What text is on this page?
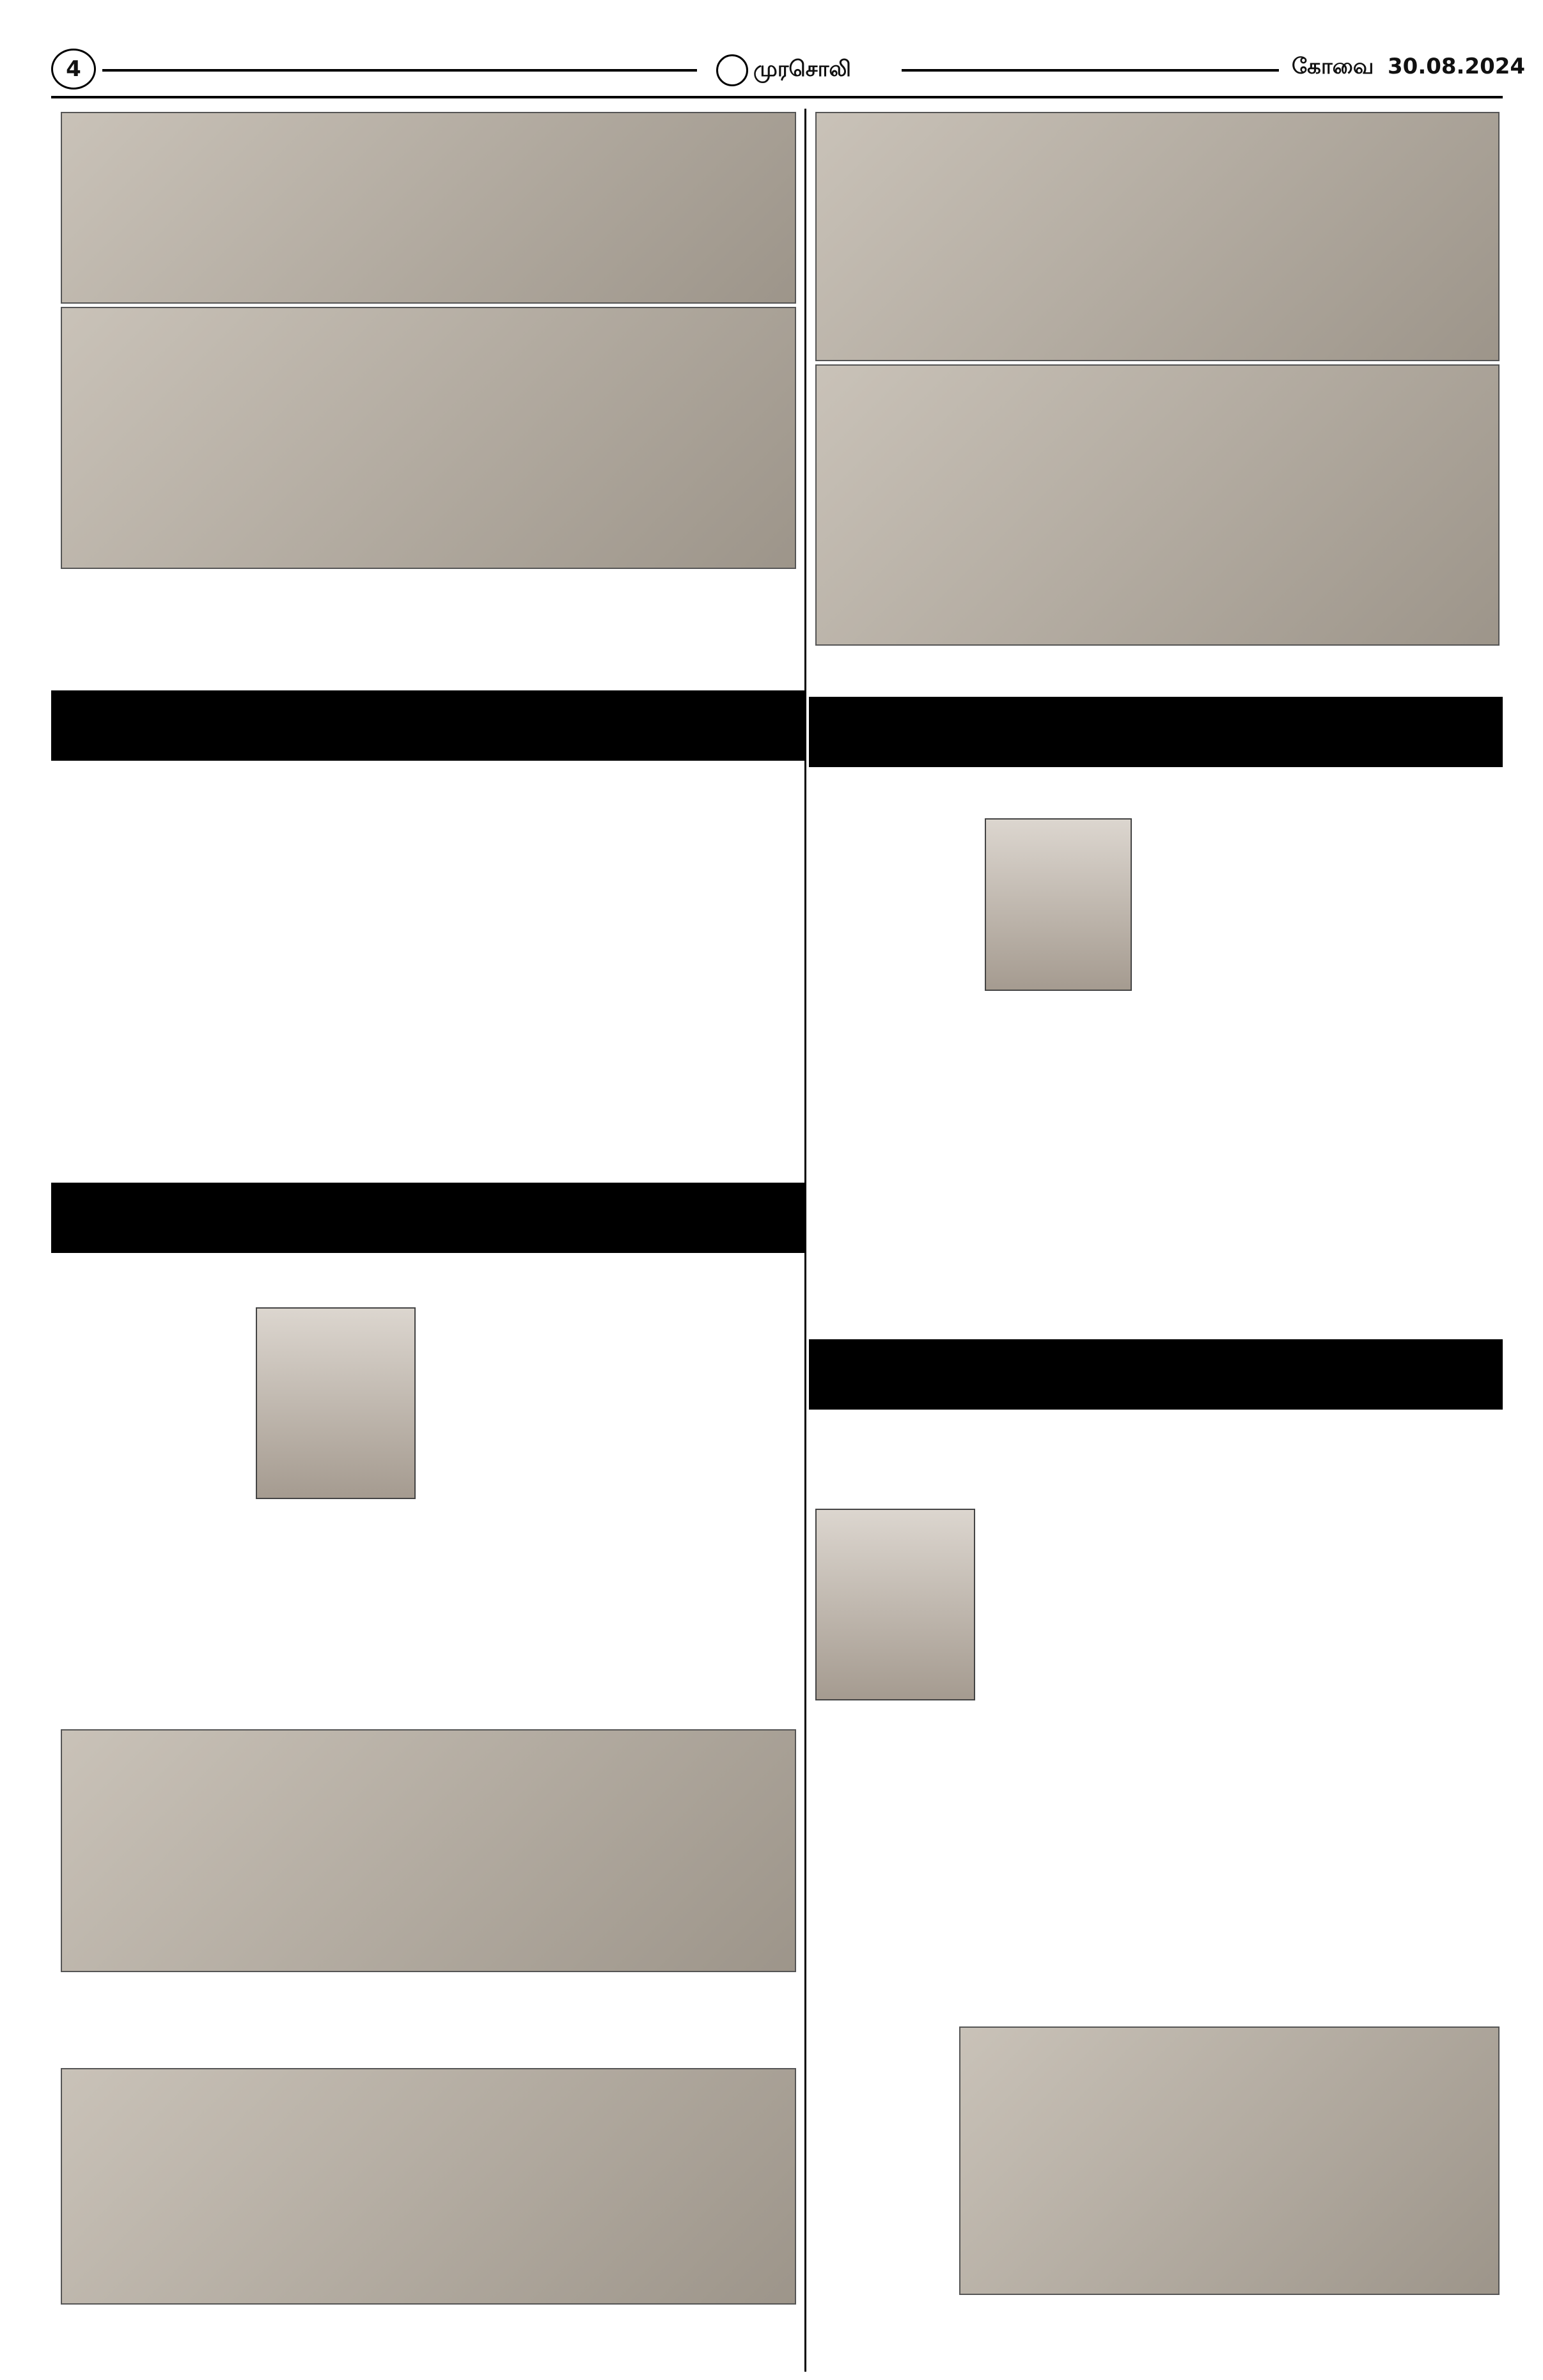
4	முரசொலி	கோவை 30.08.2024
